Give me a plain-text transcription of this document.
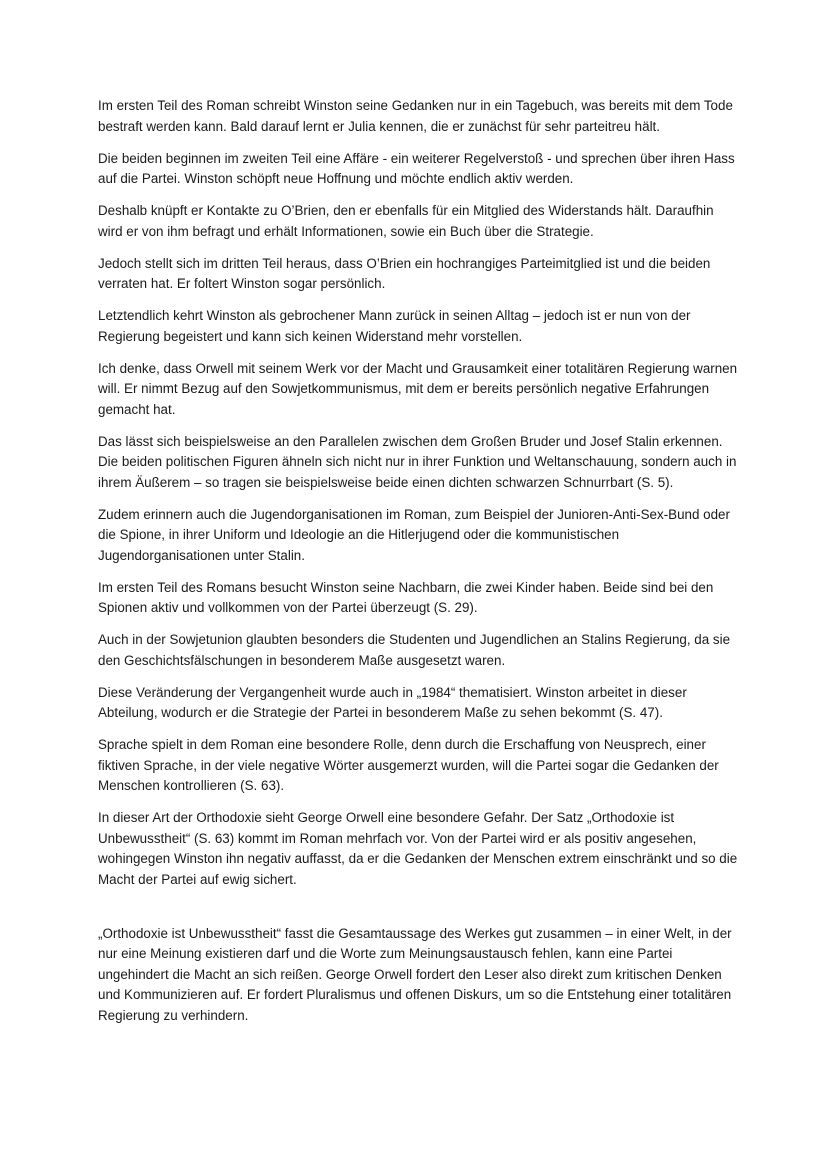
Im ersten Teil des Roman schreibt Winston seine Gedanken nur in ein Tagebuch, was bereits mit dem Tode bestraft werden kann. Bald darauf lernt er Julia kennen, die er zunächst für sehr parteitreu hält.

Die beiden beginnen im zweiten Teil eine Affäre - ein weiterer Regelverstoß - und sprechen über ihren Hass auf die Partei. Winston schöpft neue Hoffnung und möchte endlich aktiv werden.

Deshalb knüpft er Kontakte zu O’Brien, den er ebenfalls für ein Mitglied des Widerstands hält. Daraufhin wird er von ihm befragt und erhält Informationen, sowie ein Buch über die Strategie.

Jedoch stellt sich im dritten Teil heraus, dass O’Brien ein hochrangiges Parteimitglied ist und die beiden verraten hat. Er foltert Winston sogar persönlich.

Letztendlich kehrt Winston als gebrochener Mann zurück in seinen Alltag – jedoch ist er nun von der Regierung begeistert und kann sich keinen Widerstand mehr vorstellen.

Ich denke, dass Orwell mit seinem Werk vor der Macht und Grausamkeit einer totalitären Regierung warnen will. Er nimmt Bezug auf den Sowjetkommunismus, mit dem er bereits persönlich negative Erfahrungen gemacht hat.

Das lässt sich beispielsweise an den Parallelen zwischen dem Großen Bruder und Josef Stalin erkennen. Die beiden politischen Figuren ähneln sich nicht nur in ihrer Funktion und Weltanschauung, sondern auch in ihrem Äußerem – so tragen sie beispielsweise beide einen dichten schwarzen Schnurrbart (S. 5).

Zudem erinnern auch die Jugendorganisationen im Roman, zum Beispiel der Junioren-Anti-Sex-Bund oder die Spione, in ihrer Uniform und Ideologie an die Hitlerjugend oder die kommunistischen Jugendorganisationen unter Stalin.

Im ersten Teil des Romans besucht Winston seine Nachbarn, die zwei Kinder haben. Beide sind bei den Spionen aktiv und vollkommen von der Partei überzeugt (S. 29).

Auch in der Sowjetunion glaubten besonders die Studenten und Jugendlichen an Stalins Regierung, da sie den Geschichtsfälschungen in besonderem Maße ausgesetzt waren.

Diese Veränderung der Vergangenheit wurde auch in „1984“ thematisiert. Winston arbeitet in dieser Abteilung, wodurch er die Strategie der Partei in besonderem Maße zu sehen bekommt (S. 47).

Sprache spielt in dem Roman eine besondere Rolle, denn durch die Erschaffung von Neusprech, einer fiktiven Sprache, in der viele negative Wörter ausgemerzt wurden, will die Partei sogar die Gedanken der Menschen kontrollieren (S. 63).

In dieser Art der Orthodoxie sieht George Orwell eine besondere Gefahr. Der Satz „Orthodoxie ist Unbewusstheit“ (S. 63) kommt im Roman mehrfach vor. Von der Partei wird er als positiv angesehen, wohingegen Winston ihn negativ auffasst, da er die Gedanken der Menschen extrem einschränkt und so die Macht der Partei auf ewig sichert.

„Orthodoxie ist Unbewusstheit“ fasst die Gesamtaussage des Werkes gut zusammen – in einer Welt, in der nur eine Meinung existieren darf und die Worte zum Meinungsaustausch fehlen, kann eine Partei ungehindert die Macht an sich reißen. George Orwell fordert den Leser also direkt zum kritischen Denken und Kommunizieren auf. Er fordert Pluralismus und offenen Diskurs, um so die Entstehung einer totalitären Regierung zu verhindern.
